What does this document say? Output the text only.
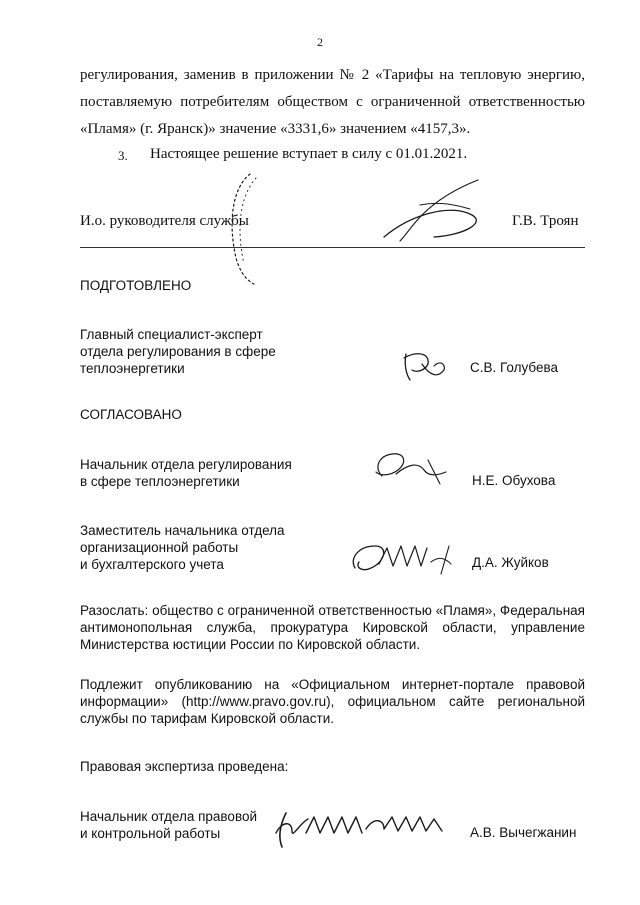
2
регулирования, заменив в приложении № 2 «Тарифы на тепловую энергию,
поставляемую потребителям обществом с ограниченной ответственностью
«Пламя» (г. Яранск)» значение «3331,6» значением «4157,3».
3. Настоящее решение вступает в силу с 01.01.2021.
И.о. руководителя службы	Г.В. Троян
ПОДГОТОВЛЕНО
Главный специалист-эксперт
отдела регулирования в сфере
теплоэнергетики	С.В. Голубева
СОГЛАСОВАНО
Начальник отдела регулирования
в сфере теплоэнергетики	Н.Е. Обухова
Заместитель начальника отдела
организационной работы
и бухгалтерского учета	Д.А. Жуйков
Разослать: общество с ограниченной ответственностью «Пламя», Федеральная антимонопольная служба, прокуратура Кировской области, управление Министерства юстиции России по Кировской области.
Подлежит опубликованию на «Официальном интернет-портале правовой информации» (http://www.pravo.gov.ru), официальном сайте региональной службы по тарифам Кировской области.
Правовая экспертиза проведена:
Начальник отдела правовой
и контрольной работы	А.В. Вычегжанин
